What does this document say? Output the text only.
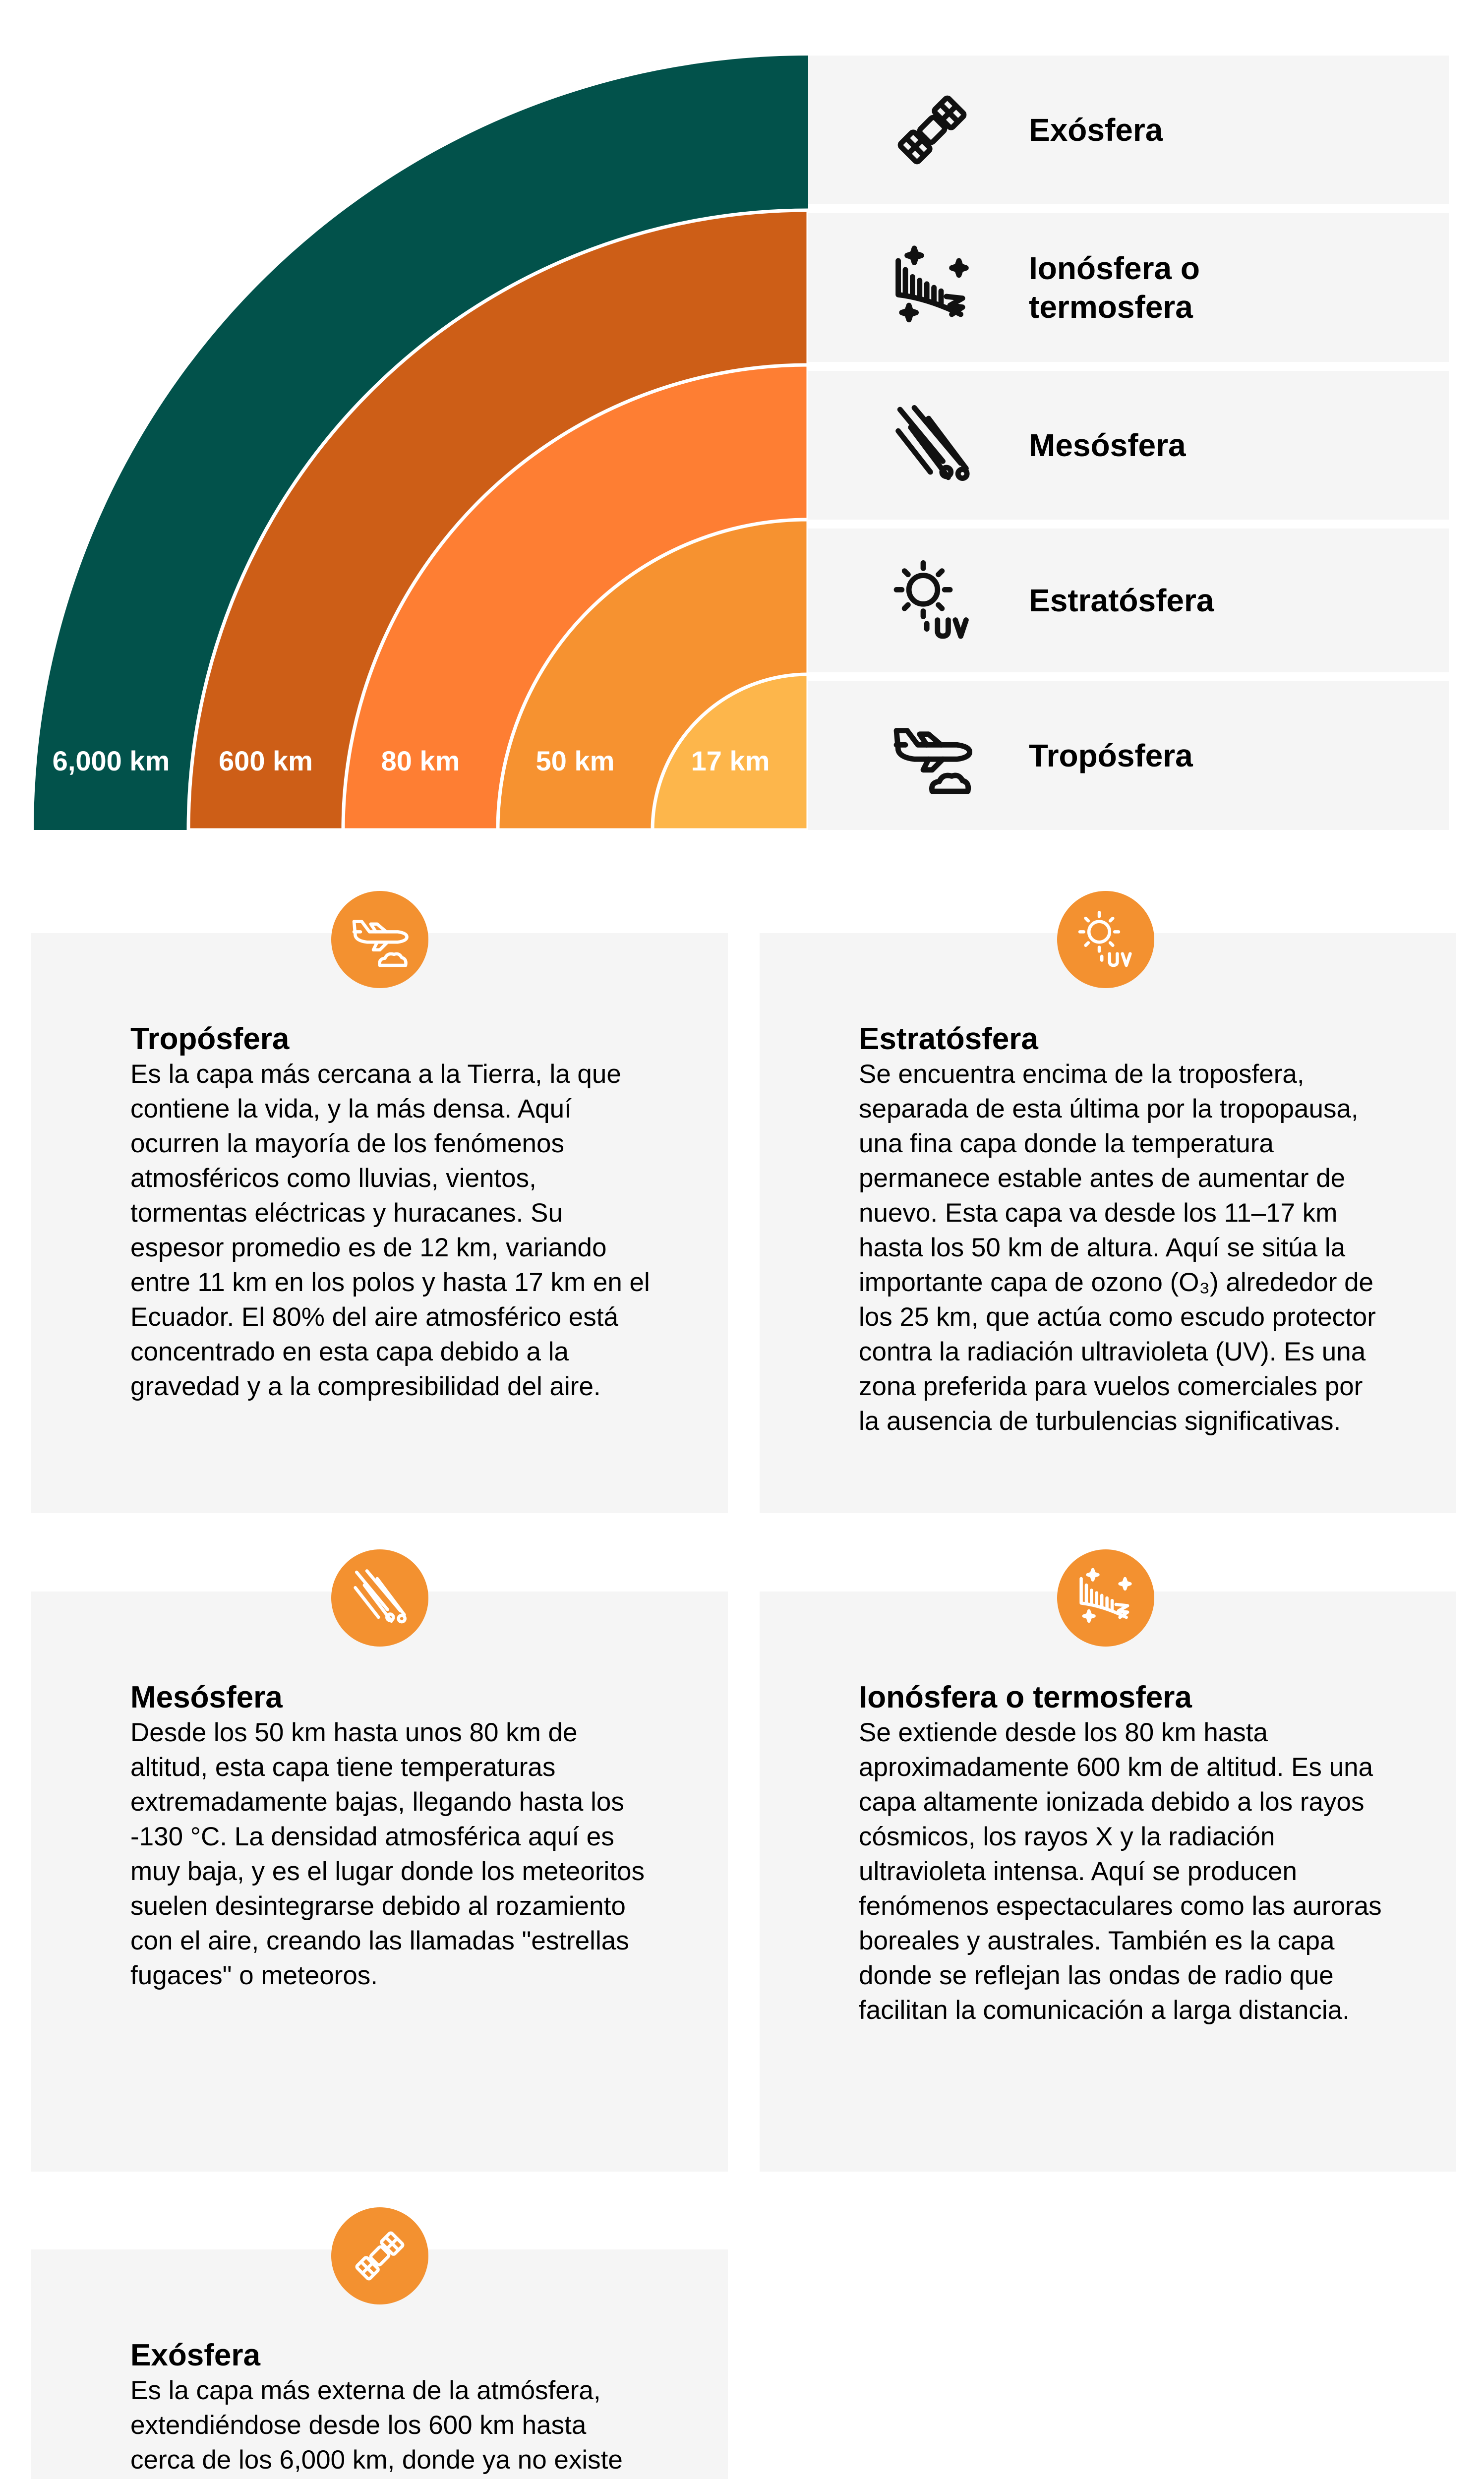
6,000 km 600 km 80 km	50 km	17 km
Exósfera
Ionósfera o
termosfera
Mesósfera
Estratósfera
Tropósfera
Tropósfera

Es la capa más cercana a la Tierra, la que contiene la vida, y la más densa. Aquí ocurren la mayoría de los fenómenos atmosféricos como lluvias, vientos, tormentas eléctricas y huracanes. Su espesor promedio es de 12 km, variando entre 11 km en los polos y hasta 17 km en el Ecuador. El 80% del aire atmosférico está concentrado en esta capa debido a la gravedad y a la compresibilidad del aire.

Estratósfera

Se encuentra encima de la troposfera, separada de esta última por la tropopausa, una fina capa donde la temperatura permanece estable antes de aumentar de nuevo. Esta capa va desde los 11–17 km hasta los 50 km de altura. Aquí se sitúa la importante capa de ozono (O₃) alrededor de los 25 km, que actúa como escudo protector contra la radiación ultravioleta (UV). Es una zona preferida para vuelos comerciales por la ausencia de turbulencias significativas.

Mesósfera

Desde los 50 km hasta unos 80 km de altitud, esta capa tiene temperaturas extremadamente bajas, llegando hasta los -130 °C. La densidad atmosférica aquí es muy baja, y es el lugar donde los meteoritos suelen desintegrarse debido al rozamiento con el aire, creando las llamadas "estrellas fugaces" o meteoros.

Ionósfera o termosfera

Se extiende desde los 80 km hasta aproximadamente 600 km de altitud. Es una capa altamente ionizada debido a los rayos cósmicos, los rayos X y la radiación ultravioleta intensa. Aquí se producen fenómenos espectaculares como las auroras boreales y australes. También es la capa donde se reflejan las ondas de radio que facilitan la comunicación a larga distancia.

Exósfera

Es la capa más externa de la atmósfera, extendiéndose desde los 600 km hasta cerca de los 6,000 km, donde ya no existe
